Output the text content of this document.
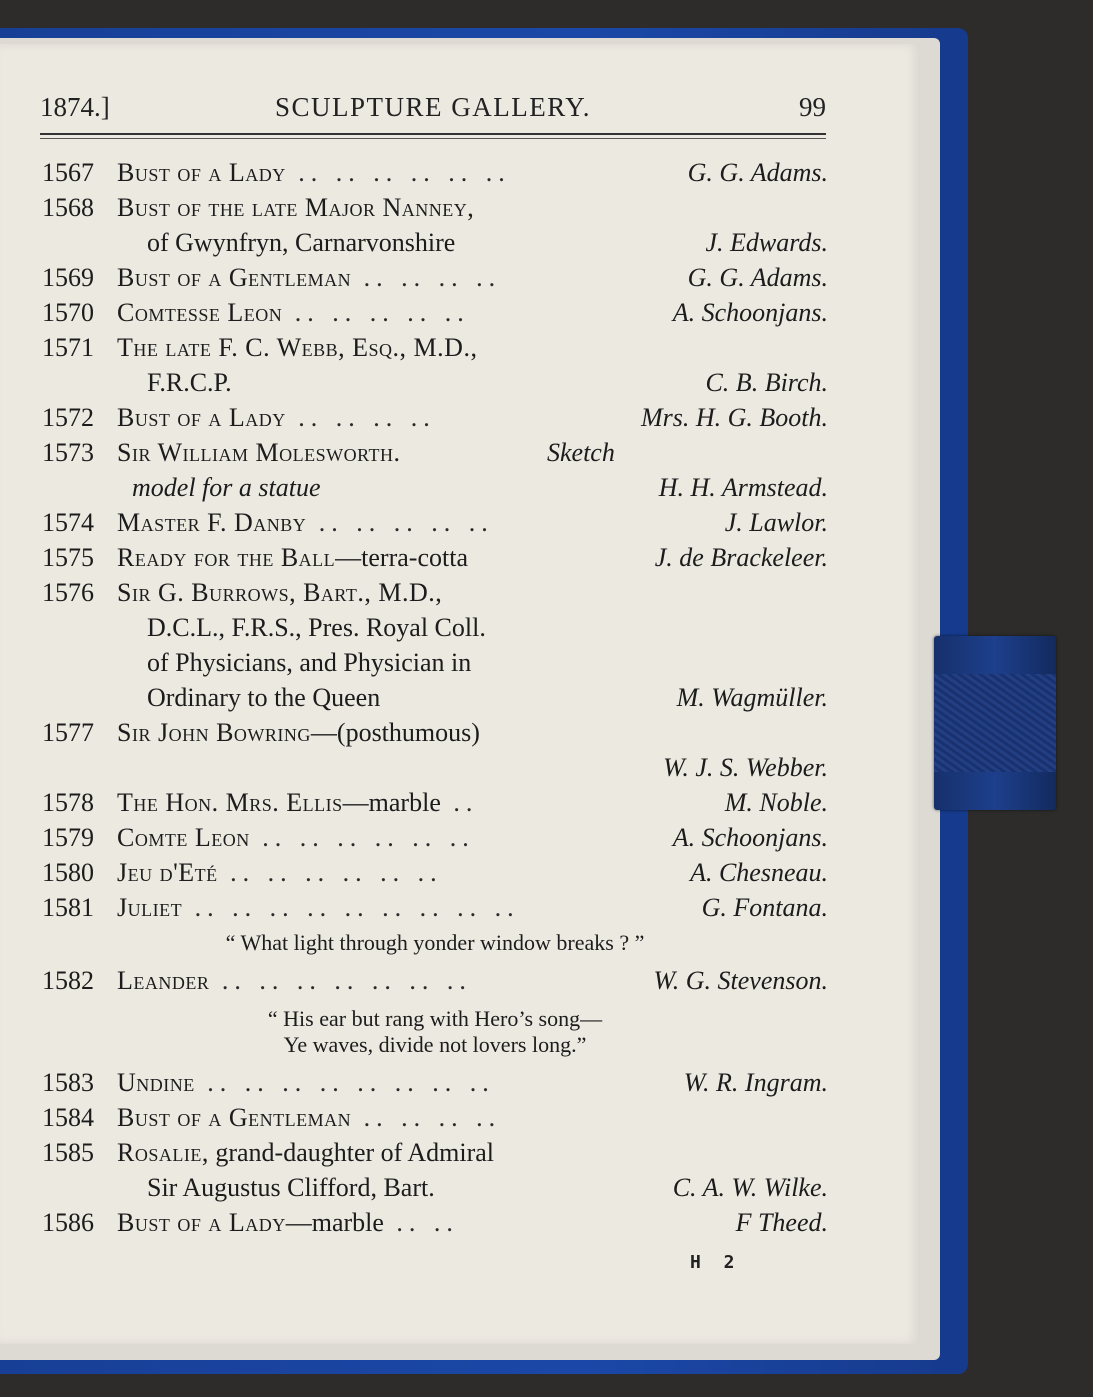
1874.]	SCULPTURE GALLERY.	99
1567 Bust of a Lady .. .. .. .. .. ..	G. G. Adams.
1568 Bust of the late Major Nanney,
of Gwynfryn, Carnarvonshire	J. Edwards.
1569 Bust of a Gentleman .. .. .. ..	G. G. Adams.
1570 Comtesse Leon .. .. .. .. ..	A. Schoonjans.
1571 The late F. C. Webb, Esq., M.D.,
F.R.C.P.	C. B. Birch.
1572 Bust of a Lady .. .. .. ..	Mrs. H. G. Booth.
1573 Sir William Molesworth.	Sketch
model for a statue	H. H. Armstead.
1574 Master F. Danby .. .. .. .. ..	J. Lawlor.
1575 Ready for the Ball—terra-cotta	J. de Brackeleer.
1576 Sir G. Burrows, Bart., M.D.,
D.C.L., F.R.S., Pres. Royal Coll.
of Physicians, and Physician in
Ordinary to the Queen	M. Wagmüller.
1577 Sir John Bowring—(posthumous)
W. J. S. Webber.
1578 The Hon. Mrs. Ellis—marble ..	M. Noble.
1579 Comte Leon .. .. .. .. .. ..	A. Schoonjans.
1580 Jeu d'Eté .. .. .. .. .. ..	A. Chesneau.
1581 Juliet .. .. .. .. .. .. .. .. ..	G. Fontana.
“ What light through yonder window breaks ? ”
1582 Leander .. .. .. .. .. .. ..	W. G. Stevenson.
“ His ear but rang with Hero’s song—
Ye waves, divide not lovers long.”
1583 Undine .. .. .. .. .. .. .. ..	W. R. Ingram.
1584 Bust of a Gentleman .. .. .. ..
1585 Rosalie, grand-daughter of Admiral
Sir Augustus Clifford, Bart.	C. A. W. Wilke.
1586 Bust of a Lady—marble .. ..	F Theed.
H 2
